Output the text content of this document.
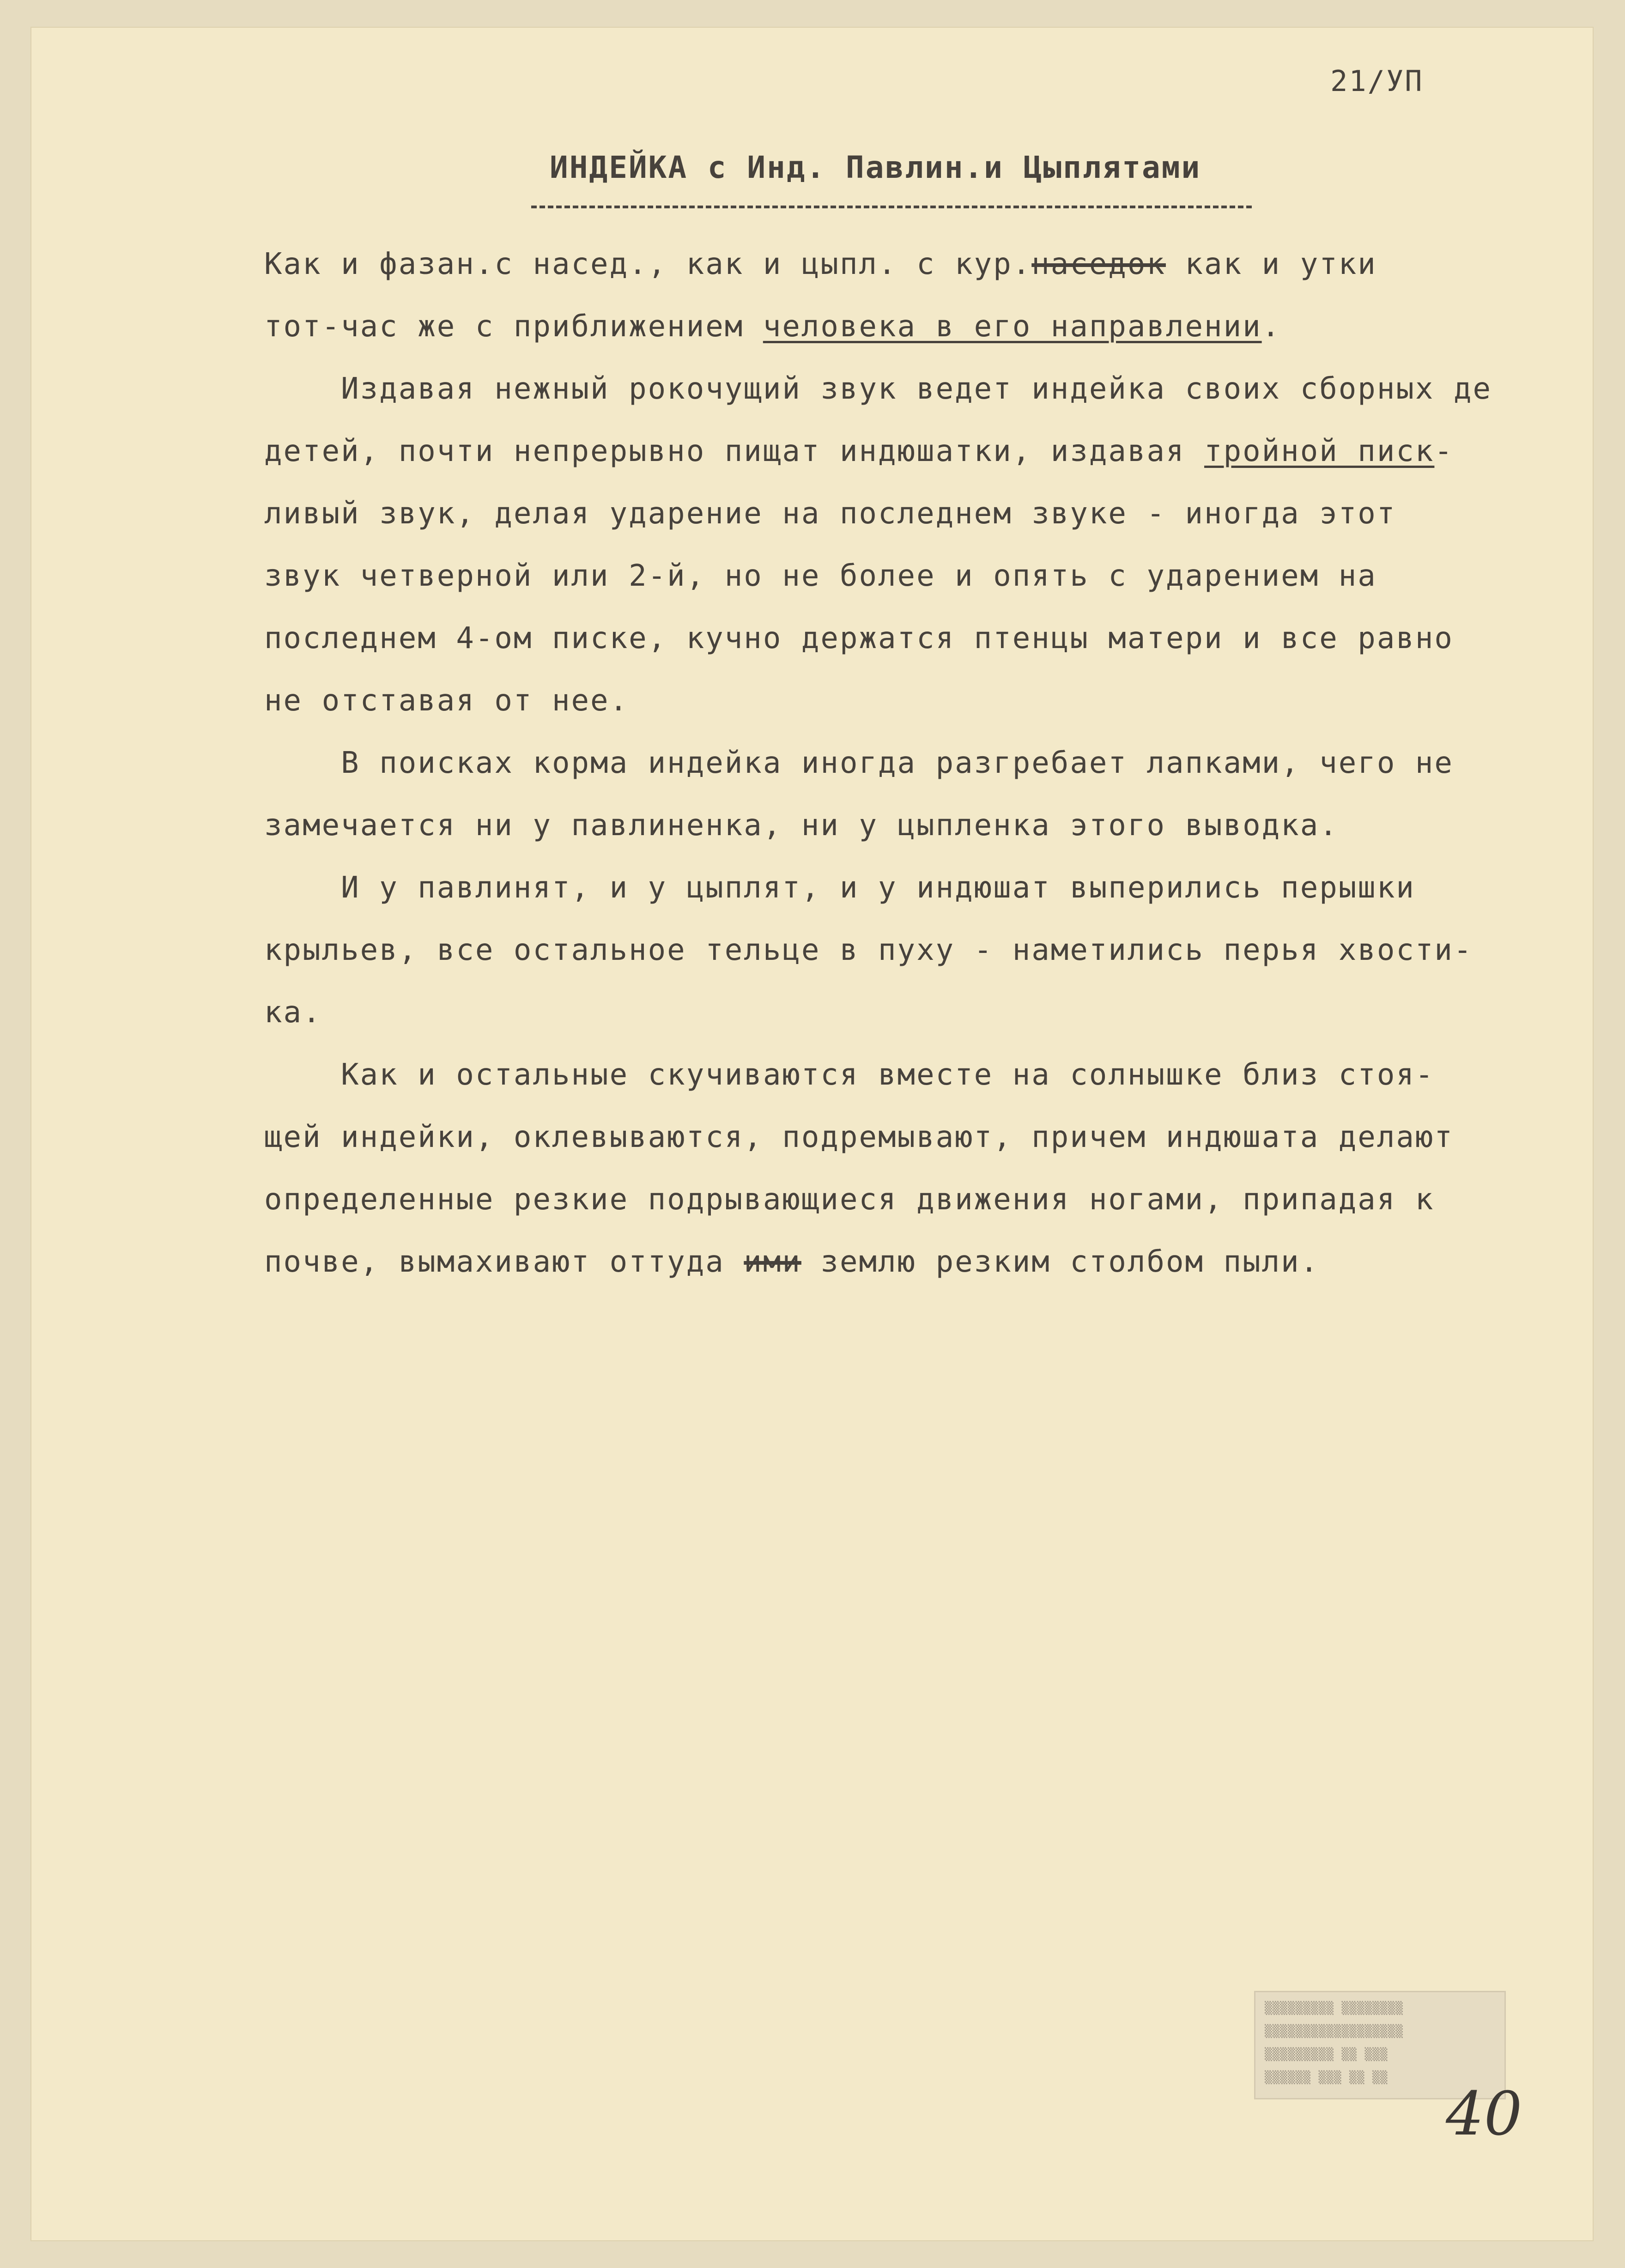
21/УП
ИНДЕЙКА с Инд. Павлин.и Цыплятами
Как и фазан.с насед., как и цыпл. с кур.наседок как и утки
тот-час же с приближением человека в его направлении.
Издавая нежный рокочущий звук ведет индейка своих сборных де
детей, почти непрерывно пищат индюшатки, издавая тройной писк-
ливый звук, делая ударение на последнем звуке - иногда этот
звук четверной или 2-й, но не более и опять с ударением на
последнем 4-ом писке, кучно держатся птенцы матери и все равно
не отставая от нее.
В поисках корма индейка иногда разгребает лапками, чего не
замечается ни у павлиненка, ни у цыпленка этого выводка.
И у павлинят, и у цыплят, и у индюшат выперились перышки
крыльев, все остальное тельце в пуху - наметились перья хвости-
ка.
Как и остальные скучиваются вместе на солнышке близ стоя-
щей индейки, оклевываются, подремывают, причем индюшата делают
определенные резкие подрывающиеся движения ногами, припадая к
почве, вымахивают оттуда ими землю резким столбом пыли.
▒▒▒▒▒▒▒▒▒ ▒▒▒▒▒▒▒▒
▒▒▒▒▒▒▒▒▒▒▒▒▒▒▒▒▒▒
▒▒▒▒▒▒▒▒▒ ▒▒ ▒▒▒
▒▒▒▒▒▒ ▒▒▒ ▒▒ ▒▒
40
